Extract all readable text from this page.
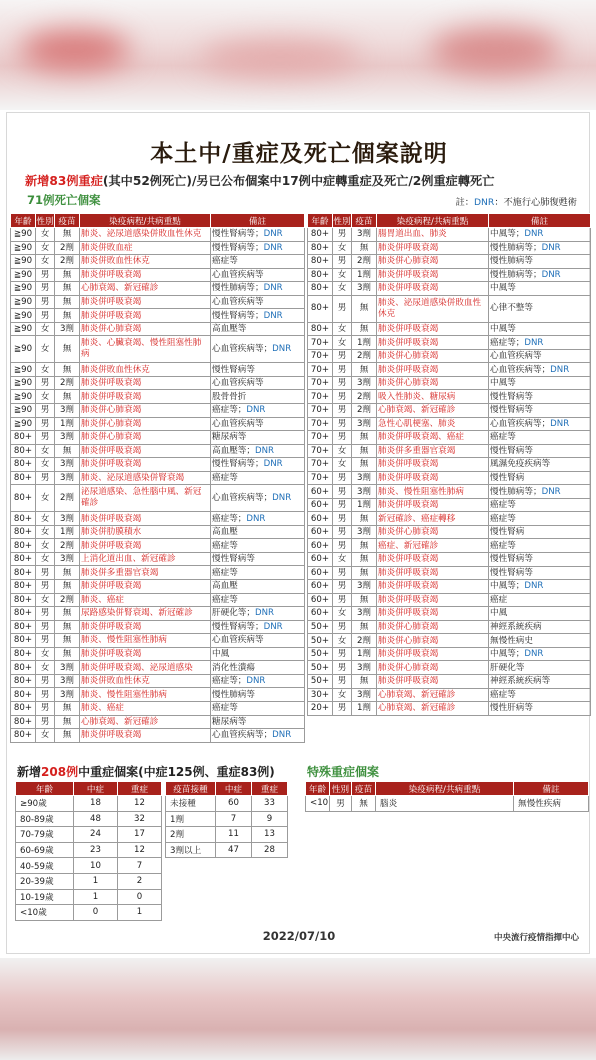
本土中/重症及死亡個案說明
新增83例重症(其中52例死亡)/另已公布個案中17例中症轉重症及死亡/2例重症轉死亡
71例死亡個案	註：DNR：不施行心肺復甦術
年齡	性別	疫苗	染疫病程/共病重點	備註
≧90	女	無	肺炎、泌尿道感染併敗血性休克	慢性腎病等；DNR
≧90	女	2劑	肺炎併敗血症	慢性腎病等；DNR
≧90	女	2劑	肺炎併敗血性休克	癌症等
≧90	男	無	肺炎併呼吸衰竭	心血管疾病等
≧90	男	無	心肺衰竭、新冠確診	慢性肺病等；DNR
≧90	男	無	肺炎併呼吸衰竭	心血管疾病等
≧90	男	無	肺炎併呼吸衰竭	慢性腎病等；DNR
≧90	女	3劑	肺炎併心肺衰竭	高血壓等
≧90	女	無	肺炎、心臟衰竭、慢性阻塞性肺病	心血管疾病等；DNR
≧90	女	無	肺炎併敗血性休克	慢性腎病等
≧90	男	2劑	肺炎併呼吸衰竭	心血管疾病等
≧90	女	無	肺炎併呼吸衰竭	股骨骨折
≧90	男	3劑	肺炎併心肺衰竭	癌症等；DNR
≧90	男	1劑	肺炎併心肺衰竭	心血管疾病等
80+	男	3劑	肺炎併心肺衰竭	糖尿病等
80+	女	無	肺炎併呼吸衰竭	高血壓等；DNR
80+	女	3劑	肺炎併呼吸衰竭	慢性腎病等；DNR
80+	男	3劑	肺炎、泌尿道感染併腎衰竭	癌症等
80+	女	2劑	泌尿道感染、急性腦中風、新冠確診	心血管疾病等；DNR
80+	女	3劑	肺炎併呼吸衰竭	癌症等；DNR
80+	女	1劑	肺炎併肋膜積水	高血壓
80+	女	2劑	肺炎併呼吸衰竭	癌症等
80+	女	3劑	上消化道出血、新冠確診	慢性腎病等
80+	男	無	肺炎併多重器官衰竭	癌症等
80+	男	無	肺炎併呼吸衰竭	高血壓
80+	女	2劑	肺炎、癌症	癌症等
80+	男	無	尿路感染併腎衰竭、新冠確診	肝硬化等；DNR
80+	男	無	肺炎併呼吸衰竭	慢性腎病等；DNR
80+	男	無	肺炎、慢性阻塞性肺病	心血管疾病等
80+	女	無	肺炎併呼吸衰竭	中風
80+	女	3劑	肺炎併呼吸衰竭、泌尿道感染	消化性潰瘍
80+	男	3劑	肺炎併敗血性休克	癌症等；DNR
80+	男	3劑	肺炎、慢性阻塞性肺病	慢性肺病等
80+	男	無	肺炎、癌症	癌症等
80+	男	無	心肺衰竭、新冠確診	糖尿病等
80+	女	無	肺炎併呼吸衰竭	心血管疾病等；DNR
年齡	性別	疫苗	染疫病程/共病重點	備註
80+	男	3劑	腸胃道出血、肺炎	中風等；DNR
80+	女	無	肺炎併呼吸衰竭	慢性肺病等；DNR
80+	男	2劑	肺炎併心肺衰竭	慢性肺病等
80+	女	1劑	肺炎併呼吸衰竭	慢性肺病等；DNR
80+	女	3劑	肺炎併呼吸衰竭	中風等
80+	男	無	肺炎、泌尿道感染併敗血性休克	心律不整等
80+	女	無	肺炎併呼吸衰竭	中風等
70+	女	1劑	肺炎併呼吸衰竭	癌症等；DNR
70+	男	2劑	肺炎併心肺衰竭	心血管疾病等
70+	男	無	肺炎併呼吸衰竭	心血管疾病等；DNR
70+	男	3劑	肺炎併心肺衰竭	中風等
70+	男	2劑	吸入性肺炎、糖尿病	慢性腎病等
70+	男	2劑	心肺衰竭、新冠確診	慢性腎病等
70+	男	3劑	急性心肌梗塞、肺炎	心血管疾病等；DNR
70+	男	無	肺炎併呼吸衰竭、癌症	癌症等
70+	女	無	肺炎併多重器官衰竭	慢性腎病等
70+	女	無	肺炎併呼吸衰竭	風濕免疫疾病等
70+	男	3劑	肺炎併呼吸衰竭	慢性腎病
60+	男	3劑	肺炎、慢性阻塞性肺病	慢性肺病等；DNR
60+	男	1劑	肺炎併呼吸衰竭	癌症等
60+	男	無	新冠確診、癌症轉移	癌症等
60+	男	3劑	肺炎併心肺衰竭	慢性腎病
60+	男	無	癌症、新冠確診	癌症等
60+	女	無	肺炎併呼吸衰竭	慢性腎病等
60+	男	無	肺炎併呼吸衰竭	慢性腎病等
60+	男	3劑	肺炎併呼吸衰竭	中風等；DNR
60+	男	無	肺炎併呼吸衰竭	癌症
60+	女	3劑	肺炎併呼吸衰竭	中風
50+	男	無	肺炎併心肺衰竭	神經系統疾病
50+	女	2劑	肺炎併心肺衰竭	無慢性病史
50+	男	1劑	肺炎併呼吸衰竭	中風等；DNR
50+	男	3劑	肺炎併心肺衰竭	肝硬化等
50+	男	無	肺炎併呼吸衰竭	神經系統疾病等
30+	女	3劑	心肺衰竭、新冠確診	癌症等
20+	男	1劑	心肺衰竭、新冠確診	慢性肝病等
新增208例中重症個案(中症125例、重症83例)	特殊重症個案
年齡	中症	重症
≥90歲	18	12
80-89歲	48	32
70-79歲	24	17
60-69歲	23	12
40-59歲	10	7
20-39歲	1	2
10-19歲	1	0
<10歲	0	1
疫苗接種	中症	重症
未接種	60	33
1劑	7	9
2劑	11	13
3劑以上	47	28
年齡	性別	疫苗	染疫病程/共病重點	備註
<10	男	無	腦炎	無慢性疾病
2022/07/10	中央流行疫情指揮中心
